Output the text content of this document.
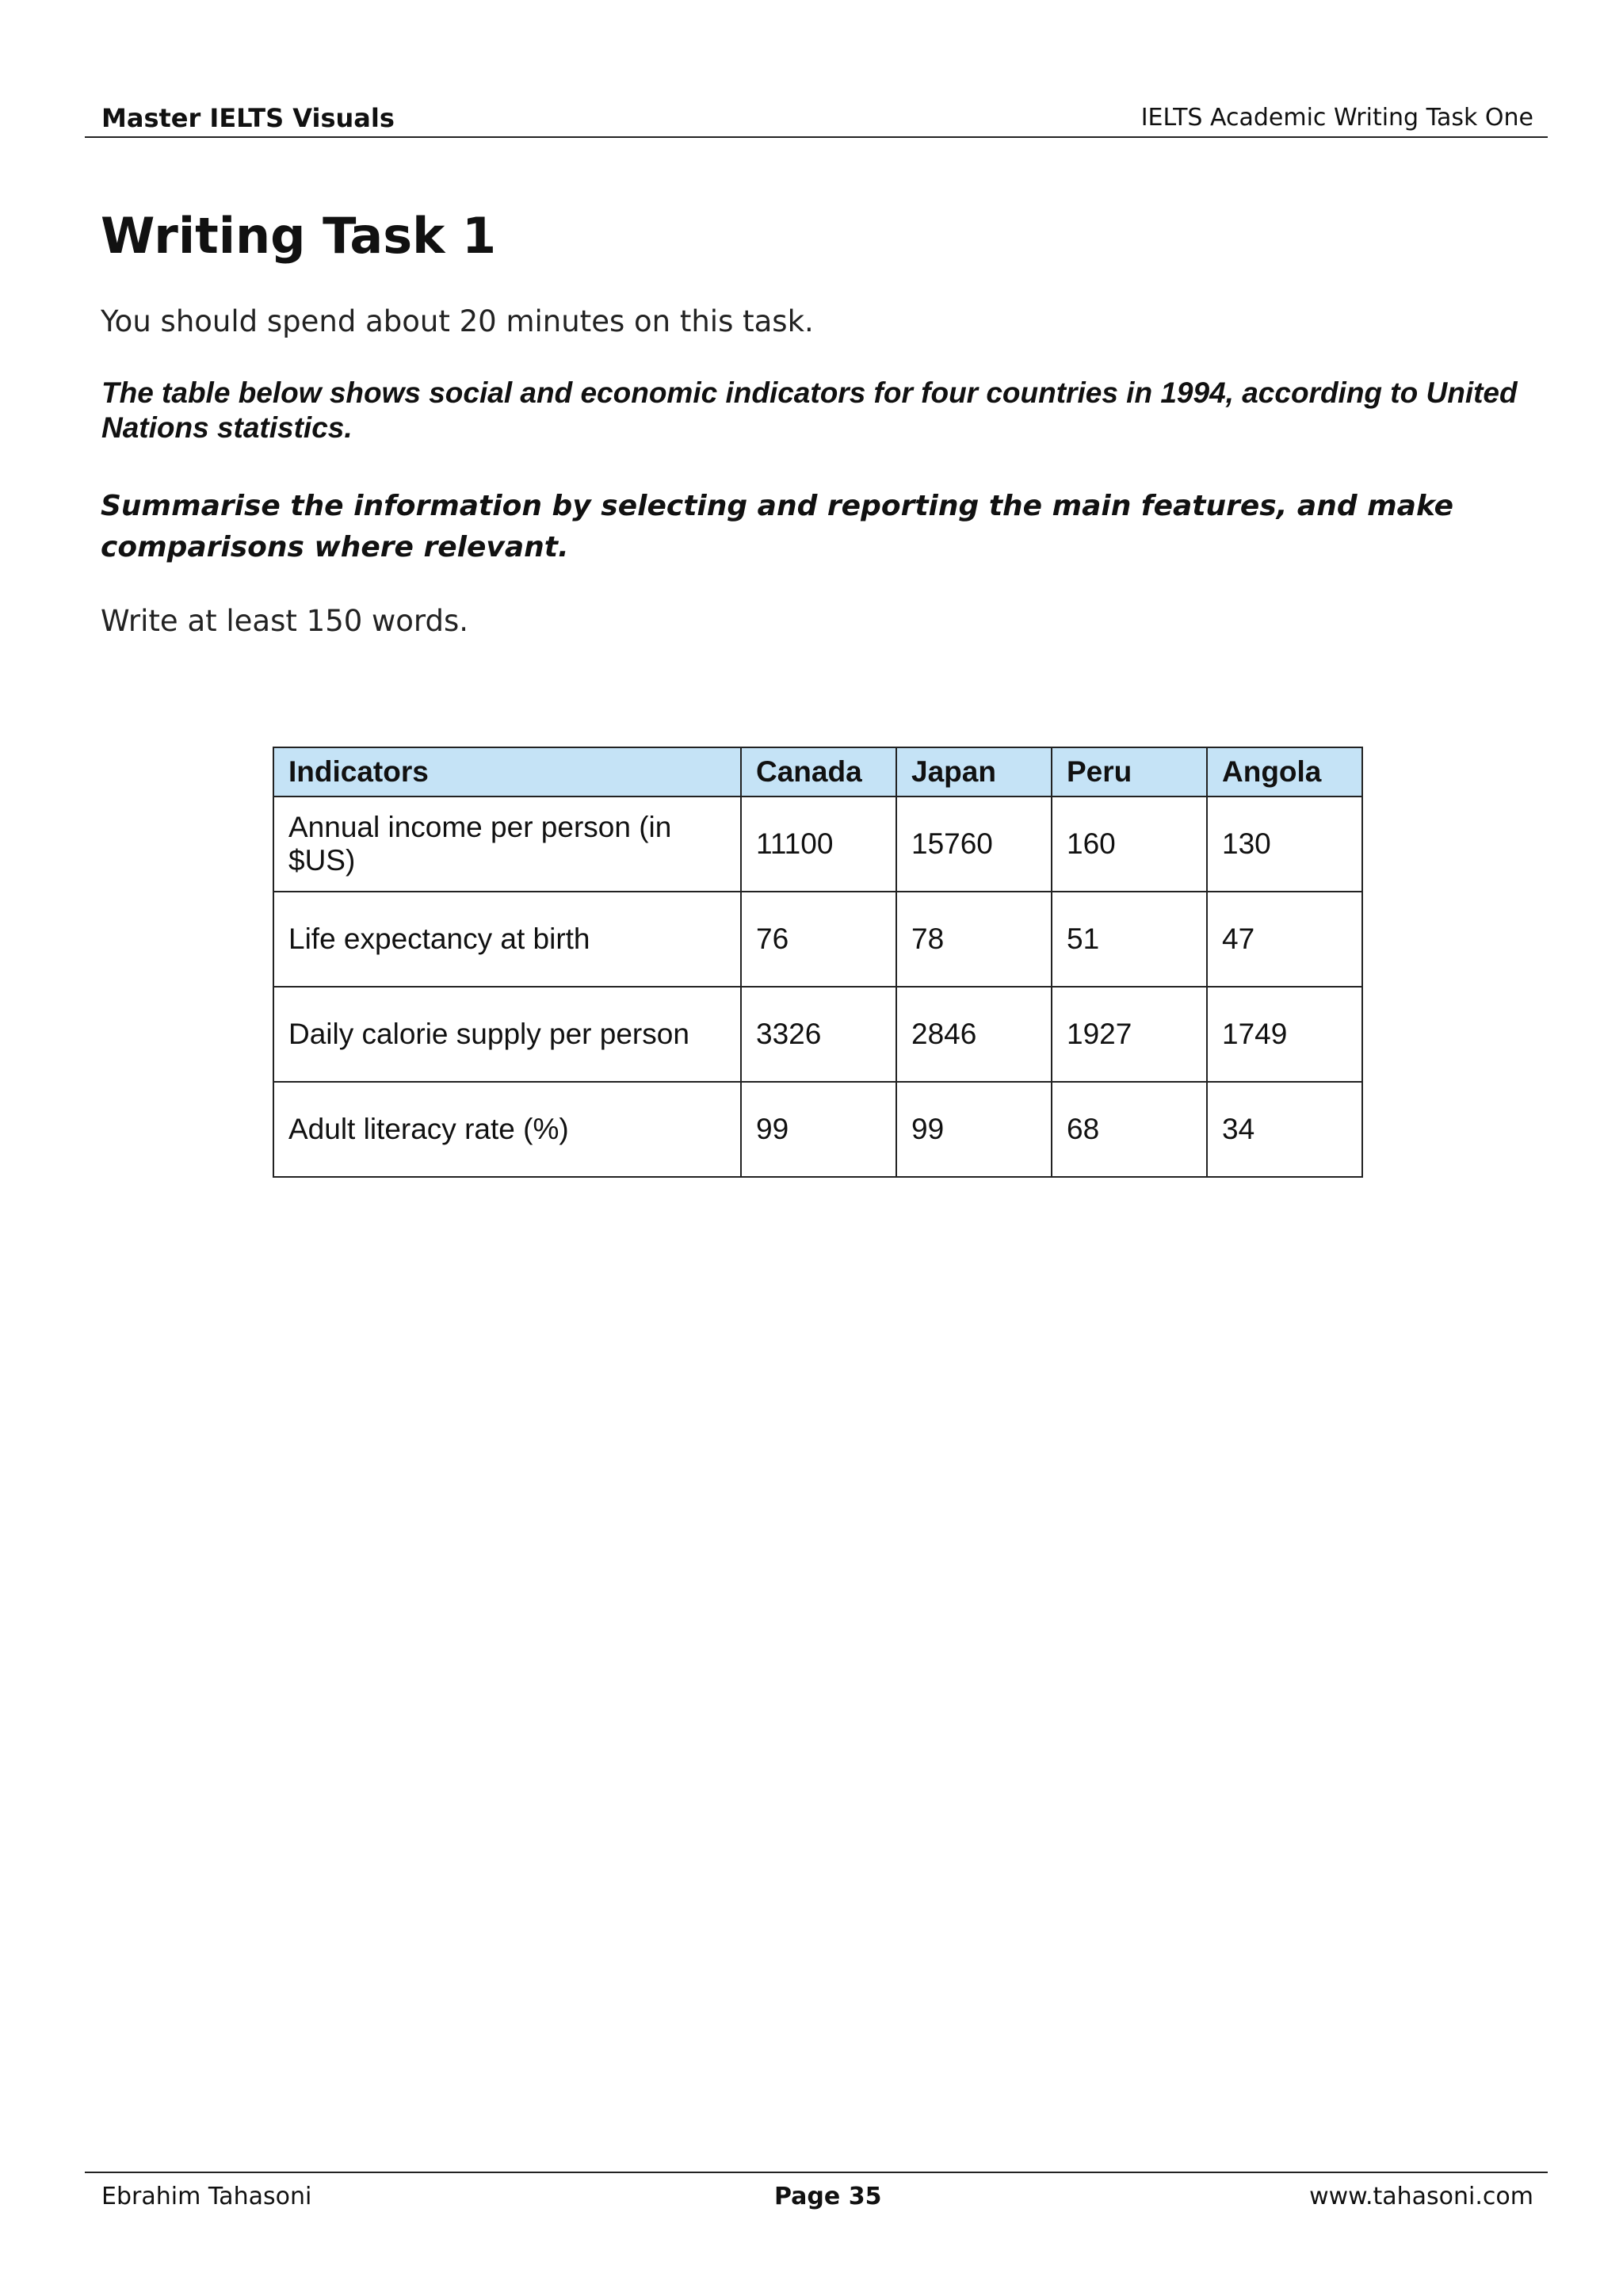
Master IELTS Visuals	IELTS Academic Writing Task One
Writing Task 1
You should spend about 20 minutes on this task.
The table below shows social and economic indicators for four countries in 1994, according to United Nations statistics.
Summarise the information by selecting and reporting the main features, and make comparisons where relevant.
Write at least 150 words.
Indicators	Canada	Japan	Peru	Angola
Annual income per person (in $US)	11100	15760	160	130
Life expectancy at birth	76	78	51	47
Daily calorie supply per person	3326	2846	1927	1749
Adult literacy rate (%)	99	99	68	34
Ebrahim Tahasoni	Page 35	www.tahasoni.com
